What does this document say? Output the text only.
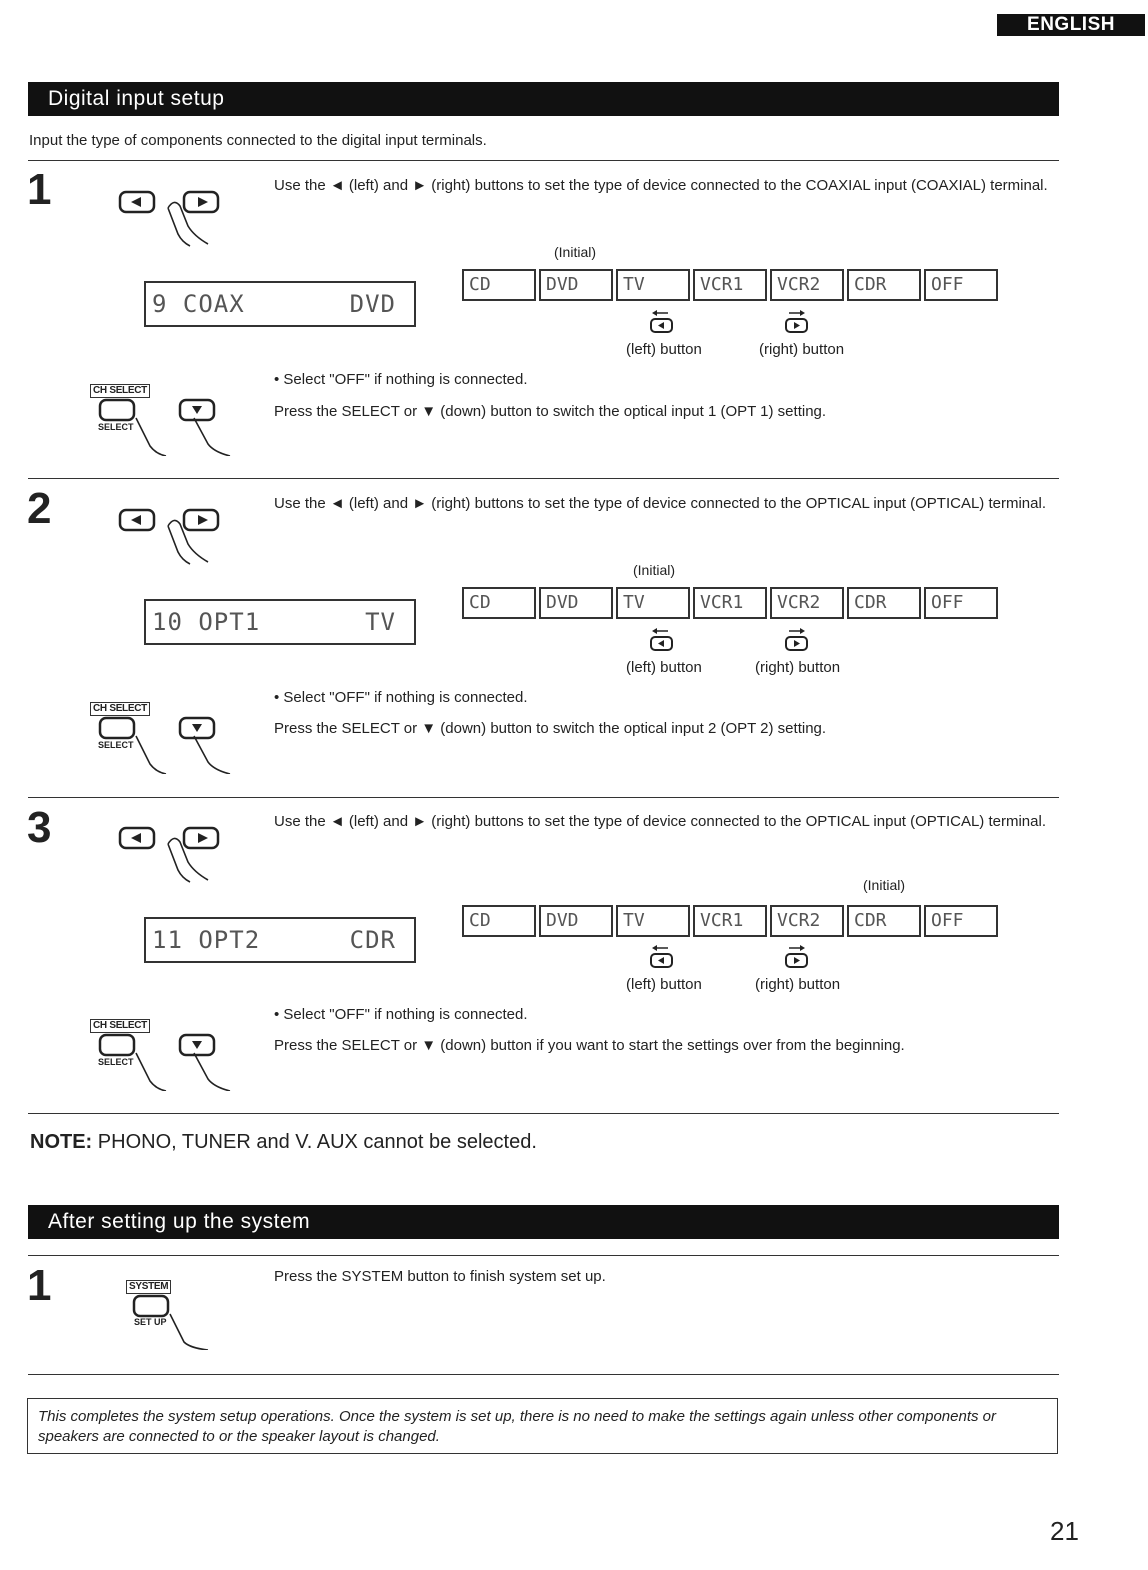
ENGLISH
Digital input setup
Input the type of components connected to the digital input terminals.
1	Use the ◄ (left) and ► (right) buttons to set the type of device connected to the COAXIAL input (COAXIAL) terminal.
(Initial)
9 COAX	DVD
CD	DVD	TV	VCR1	VCR2	CDR	OFF
(left) button	(right) button
• Select "OFF" if nothing is connected.
CH SELECT
SELECT
Press the SELECT or ▼ (down) button to switch the optical input 1 (OPT 1) setting.
2	Use the ◄ (left) and ► (right) buttons to set the type of device connected to the OPTICAL input (OPTICAL) terminal.
(Initial)
10 OPT1	TV
CD	DVD	TV	VCR1	VCR2	CDR	OFF
(left) button	(right) button
• Select "OFF" if nothing is connected.
CH SELECT
SELECT
Press the SELECT or ▼ (down) button to switch the optical input 2 (OPT 2) setting.
3	Use the ◄ (left) and ► (right) buttons to set the type of device connected to the OPTICAL input (OPTICAL) terminal.
(Initial)
11 OPT2	CDR
CD	DVD	TV	VCR1	VCR2	CDR	OFF
(left) button	(right) button
• Select "OFF" if nothing is connected.
CH SELECT
SELECT
Press the SELECT or ▼ (down) button if you want to start the settings over from the beginning.
NOTE: PHONO, TUNER and V. AUX cannot be selected.
After setting up the system
1	SYSTEM
SET UP
Press the SYSTEM button to finish system set up.
This completes the system setup operations. Once the system is set up, there is no need to make the settings again unless other components or speakers are connected to or the speaker layout is changed.
21
